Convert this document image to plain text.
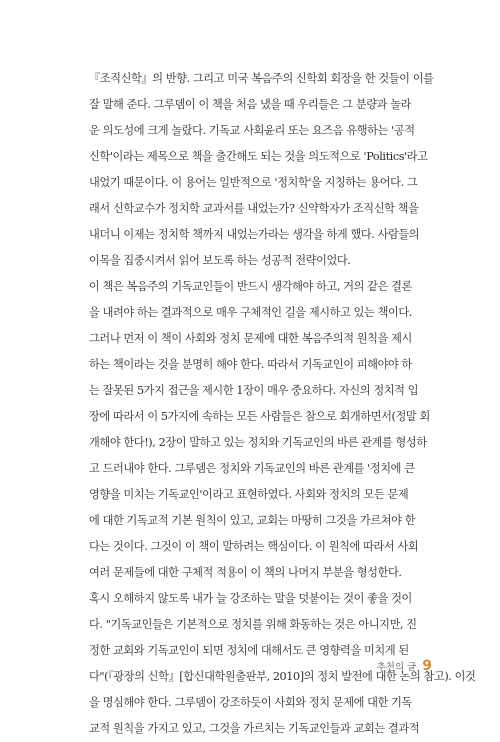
『조직신학』의 반향. 그리고 미국 복음주의 신학회 회장을 한 것들이 이를
잘 말해 준다. 그루뎀이 이 책을 처음 냈을 때 우리들은 그 분량과 놀라
운 의도성에 크게 놀랐다. 기독교 사회윤리 또는 요즈음 유행하는 '공적
신학'이라는 제목으로 책을 출간해도 되는 것을 의도적으로 'Politics'라고
내었기 때문이다. 이 용어는 일반적으로 '정치학'을 지칭하는 용어다. 그
래서 신학교수가 정치학 교과서를 내었는가? 신약학자가 조직신학 책을
내더니 이제는 정치학 책까지 내었는가라는 생각을 하게 했다. 사람들의
이목을 집중시켜서 읽어 보도록 하는 성공적 전략이었다.
이 책은 복음주의 기독교인들이 반드시 생각해야 하고, 거의 같은 결론
을 내려야 하는 결과적으로 매우 구체적인 길을 제시하고 있는 책이다.
그러나 먼저 이 책이 사회와 정치 문제에 대한 복음주의적 원칙을 제시
하는 책이라는 것을 분명히 해야 한다. 따라서 기독교인이 피해야야 하
는 잘못된 5가지 접근을 제시한 1장이 매우 중요하다. 자신의 정치적 입
장에 따라서 이 5가지에 속하는 모든 사람들은 참으로 회개하면서(정말 회
개해야 한다!), 2장이 말하고 있는 정치와 기독교인의 바른 관계를 형성하
고 드러내야 한다. 그루뎀은 정치와 기독교인의 바른 관계를 '정치에 큰
영향을 미치는 기독교인'이라고 표현하였다. 사회와 정치의 모든 문제
에 대한 기독교적 기본 원칙이 있고, 교회는 마땅히 그것을 가르쳐야 한
다는 것이다. 그것이 이 책이 말하려는 핵심이다. 이 원칙에 따라서 사회
여러 문제들에 대한 구체적 적용이 이 책의 나머지 부분을 형성한다.
혹시 오해하지 않도록 내가 늘 강조하는 말을 덧붙이는 것이 좋을 것이
다. "기독교인들은 기본적으로 정치를 위해 화동하는 것은 아니지만, 진
정한 교회와 기독교인이 되면 정치에 대해서도 큰 영향력을 미치게 된
다"(『광장의 신학』[합신대학원출판부, 2010]의 정치 발전에 대한 논의 참고). 이것
을 명심해야 한다. 그루뎀이 강조하듯이 사회와 정치 문제에 대한 기독
교적 원칙을 가지고 있고, 그것을 가르치는 기독교인들과 교회는 결과적
추천의 글 9
